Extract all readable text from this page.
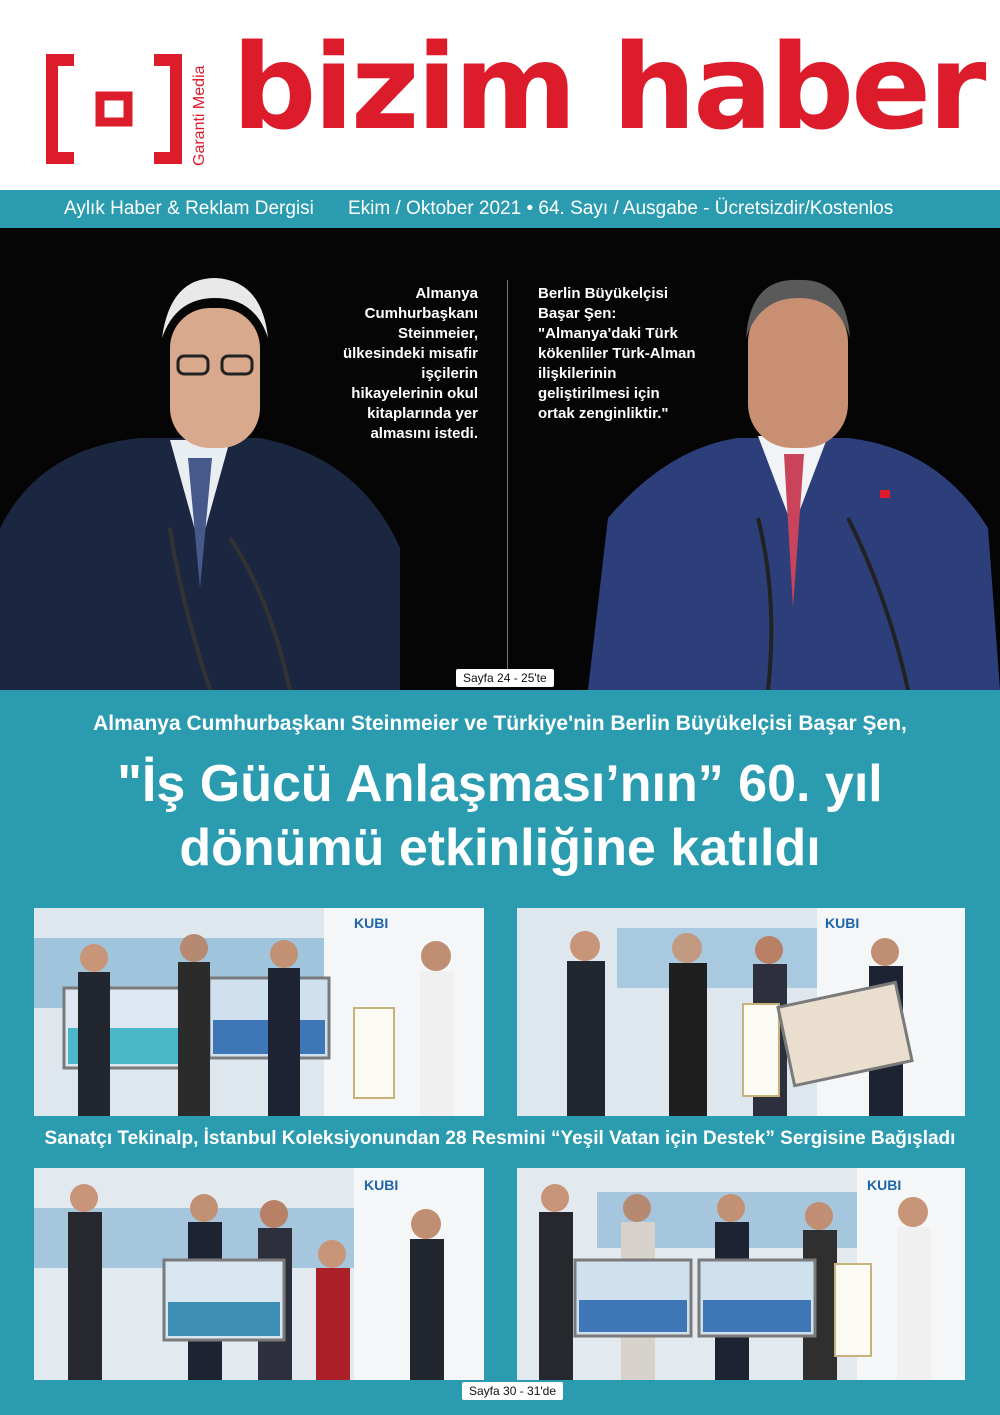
Garanti Media bizim haber
Aylık Haber & Reklam Dergisi Ekim / Oktober 2021 • 64. Sayı / Ausgabe - Ücretsizdir/Kostenlos
Almanya Cumhurbaşkanı Steinmeier, ülkesindeki misafir işçilerin hikayelerinin okul kitaplarında yer almasını istedi.
Berlin Büyükelçisi Başar Şen: "Almanya'daki Türk kökenliler Türk-Alman ilişkilerinin geliştirilmesi için ortak zenginliktir."
Sayfa 24 - 25'te
Almanya Cumhurbaşkanı Steinmeier ve Türkiye'nin Berlin Büyükelçisi Başar Şen,
"İş Gücü Anlaşması’nın” 60. yıl
dönümü etkinliğine katıldı
KUBI	KUBI
Sanatçı Tekinalp, İstanbul Koleksiyonundan 28 Resmini “Yeşil Vatan için Destek” Sergisine Bağışladı
KUBI	KUBI
Sayfa 30 - 31'de
